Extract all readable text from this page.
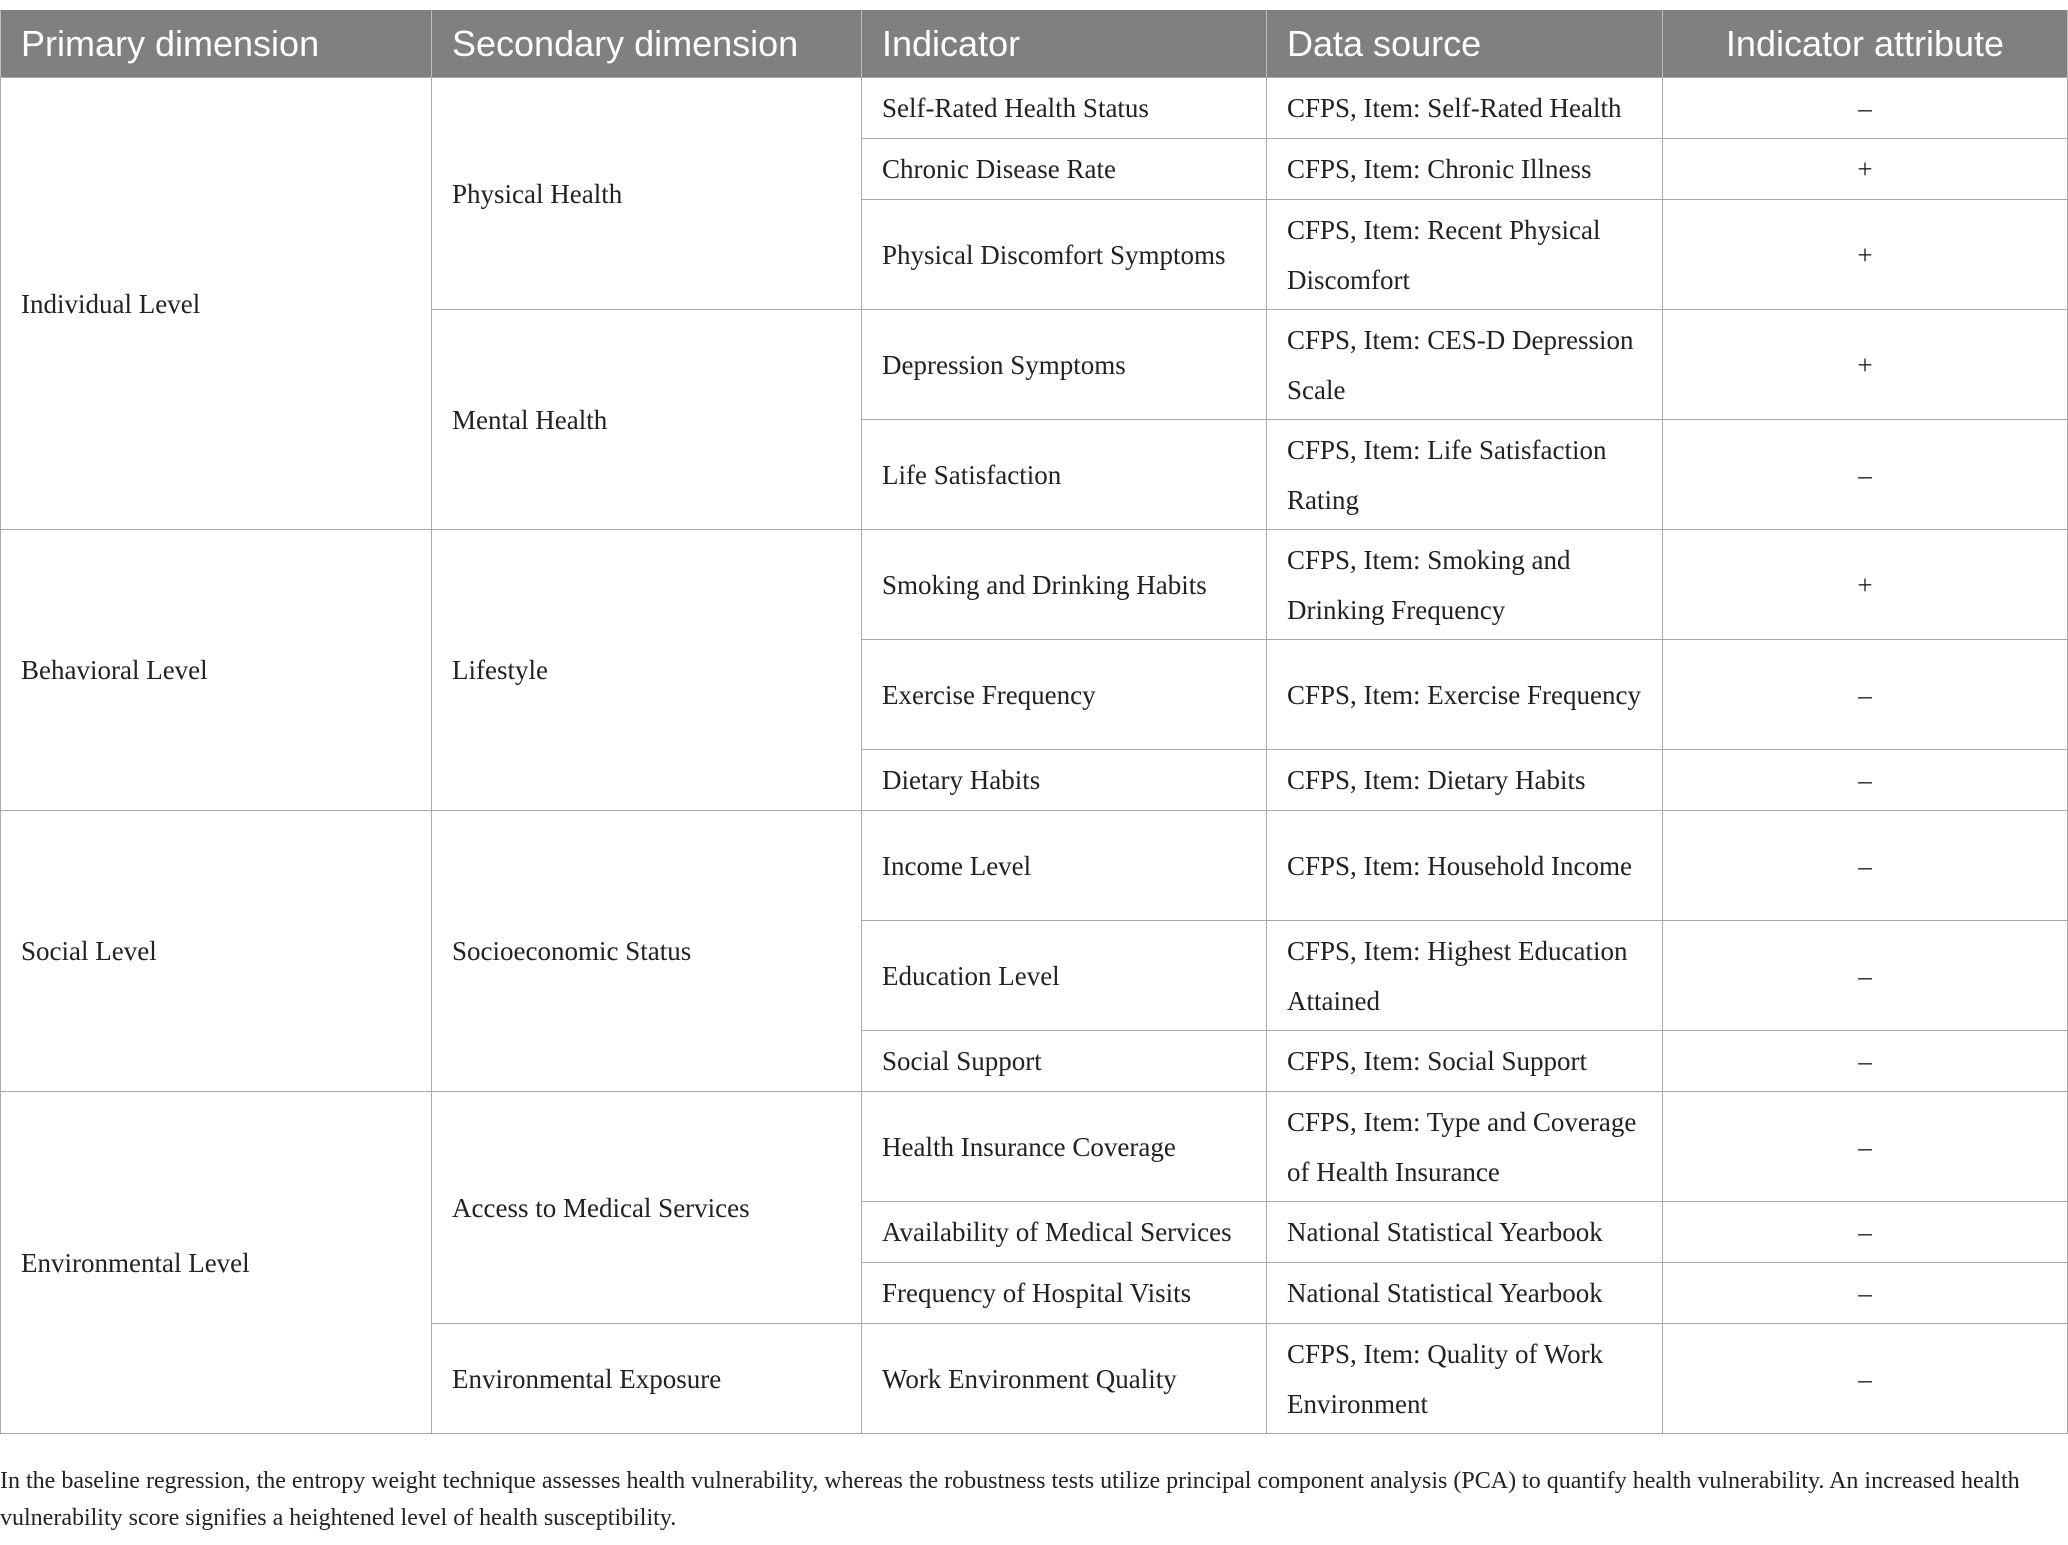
Primary dimension	Secondary dimension	Indicator	Data source	Indicator attribute
Individual Level	Physical Health	Self-Rated Health Status	CFPS, Item: Self-Rated Health	–
		Chronic Disease Rate	CFPS, Item: Chronic Illness	+
		Physical Discomfort Symptoms	CFPS, Item: Recent Physical Discomfort	+
	Mental Health	Depression Symptoms	CFPS, Item: CES-D Depression Scale	+
		Life Satisfaction	CFPS, Item: Life Satisfaction Rating	–
Behavioral Level	Lifestyle	Smoking and Drinking Habits	CFPS, Item: Smoking and Drinking Frequency	+
		Exercise Frequency	CFPS, Item: Exercise Frequency	–
		Dietary Habits	CFPS, Item: Dietary Habits	–
Social Level	Socioeconomic Status	Income Level	CFPS, Item: Household Income	–
		Education Level	CFPS, Item: Highest Education Attained	–
		Social Support	CFPS, Item: Social Support	–
Environmental Level	Access to Medical Services	Health Insurance Coverage	CFPS, Item: Type and Coverage of Health Insurance	–
		Availability of Medical Services	National Statistical Yearbook	–
		Frequency of Hospital Visits	National Statistical Yearbook	–
	Environmental Exposure	Work Environment Quality	CFPS, Item: Quality of Work Environment	–
In the baseline regression, the entropy weight technique assesses health vulnerability, whereas the robustness tests utilize principal component analysis (PCA) to quantify health vulnerability. An increased health vulnerability score signifies a heightened level of health susceptibility.
